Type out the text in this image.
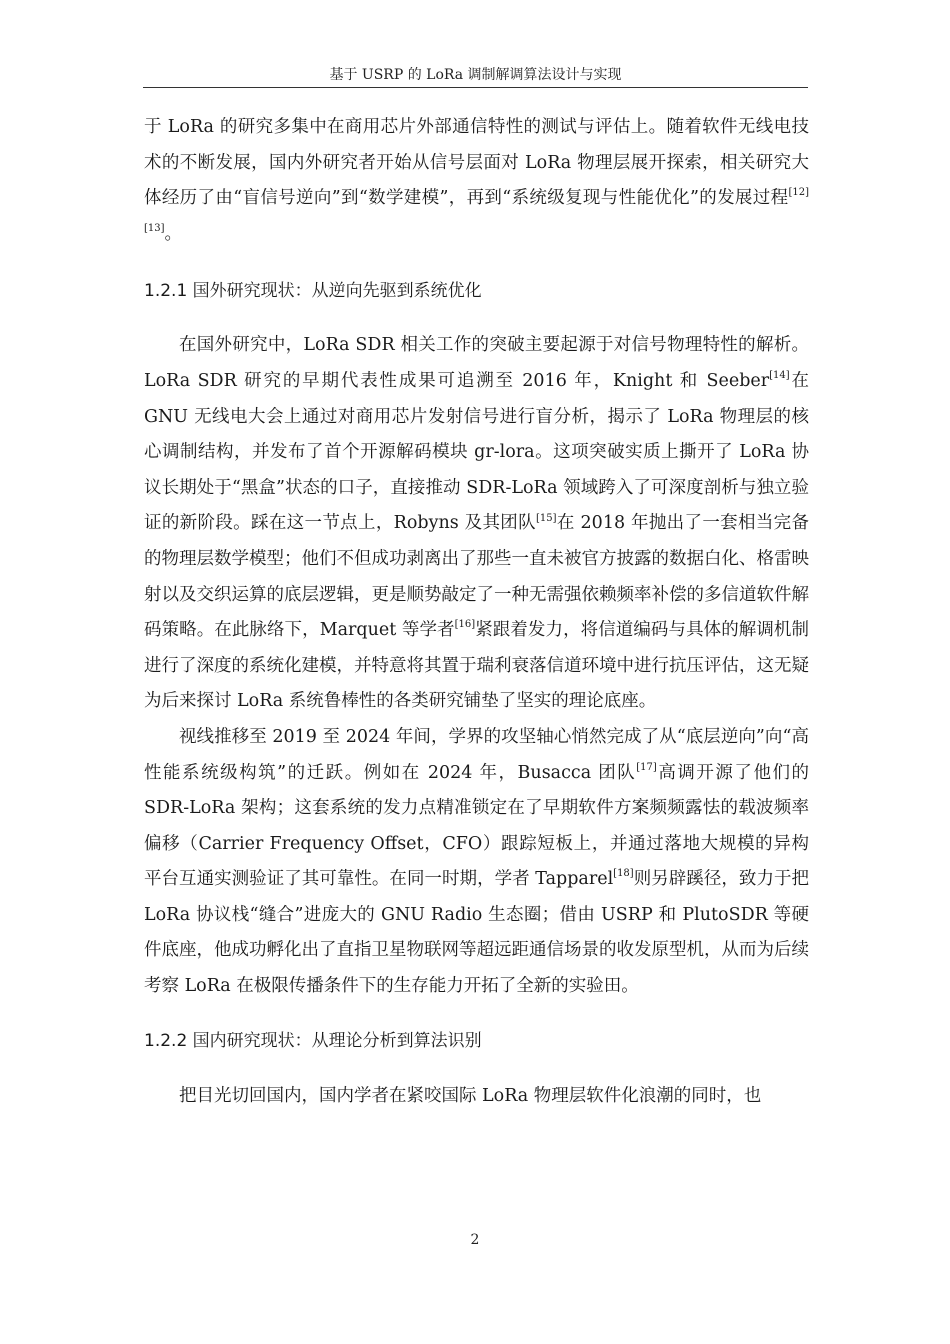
基于 USRP 的 LoRa 调制解调算法设计与实现

于 LoRa 的研究多集中在商用芯片外部通信特性的测试与评估上。随着软件无线电技术的不断发展，国内外研究者开始从信号层面对 LoRa 物理层展开探索，相关研究大体经历了由“盲信号逆向”到“数学建模”，再到“系统级复现与性能优化”的发展过程[12][13]。

1.2.1 国外研究现状：从逆向先驱到系统优化

在国外研究中，LoRa SDR 相关工作的突破主要起源于对信号物理特性的解析。LoRa SDR 研究的早期代表性成果可追溯至 2016 年，Knight 和 Seeber[14]在 GNU 无线电大会上通过对商用芯片发射信号进行盲分析，揭示了 LoRa 物理层的核心调制结构，并发布了首个开源解码模块 gr-lora。这项突破实质上撕开了 LoRa 协议长期处于“黑盒”状态的口子，直接推动 SDR-LoRa 领域跨入了可深度剖析与独立验证的新阶段。踩在这一节点上，Robyns 及其团队[15]在 2018 年抛出了一套相当完备的物理层数学模型；他们不但成功剥离出了那些一直未被官方披露的数据白化、格雷映射以及交织运算的底层逻辑，更是顺势敲定了一种无需强依赖频率补偿的多信道软件解码策略。在此脉络下，Marquet 等学者[16]紧跟着发力，将信道编码与具体的解调机制进行了深度的系统化建模，并特意将其置于瑞利衰落信道环境中进行抗压评估，这无疑为后来探讨 LoRa 系统鲁棒性的各类研究铺垫了坚实的理论底座。

视线推移至 2019 至 2024 年间，学界的攻坚轴心悄然完成了从“底层逆向”向“高性能系统级构筑”的迁跃。例如在 2024 年，Busacca 团队[17]高调开源了他们的 SDR-LoRa 架构；这套系统的发力点精准锁定在了早期软件方案频频露怯的载波频率偏移（Carrier Frequency Offset，CFO）跟踪短板上，并通过落地大规模的异构平台互通实测验证了其可靠性。在同一时期，学者 Tapparel[18]则另辟蹊径，致力于把 LoRa 协议栈“缝合”进庞大的 GNU Radio 生态圈；借由 USRP 和 PlutoSDR 等硬件底座，他成功孵化出了直指卫星物联网等超远距通信场景的收发原型机，从而为后续考察 LoRa 在极限传播条件下的生存能力开拓了全新的实验田。

1.2.2 国内研究现状：从理论分析到算法识别

把目光切回国内，国内学者在紧咬国际 LoRa 物理层软件化浪潮的同时，也

2
